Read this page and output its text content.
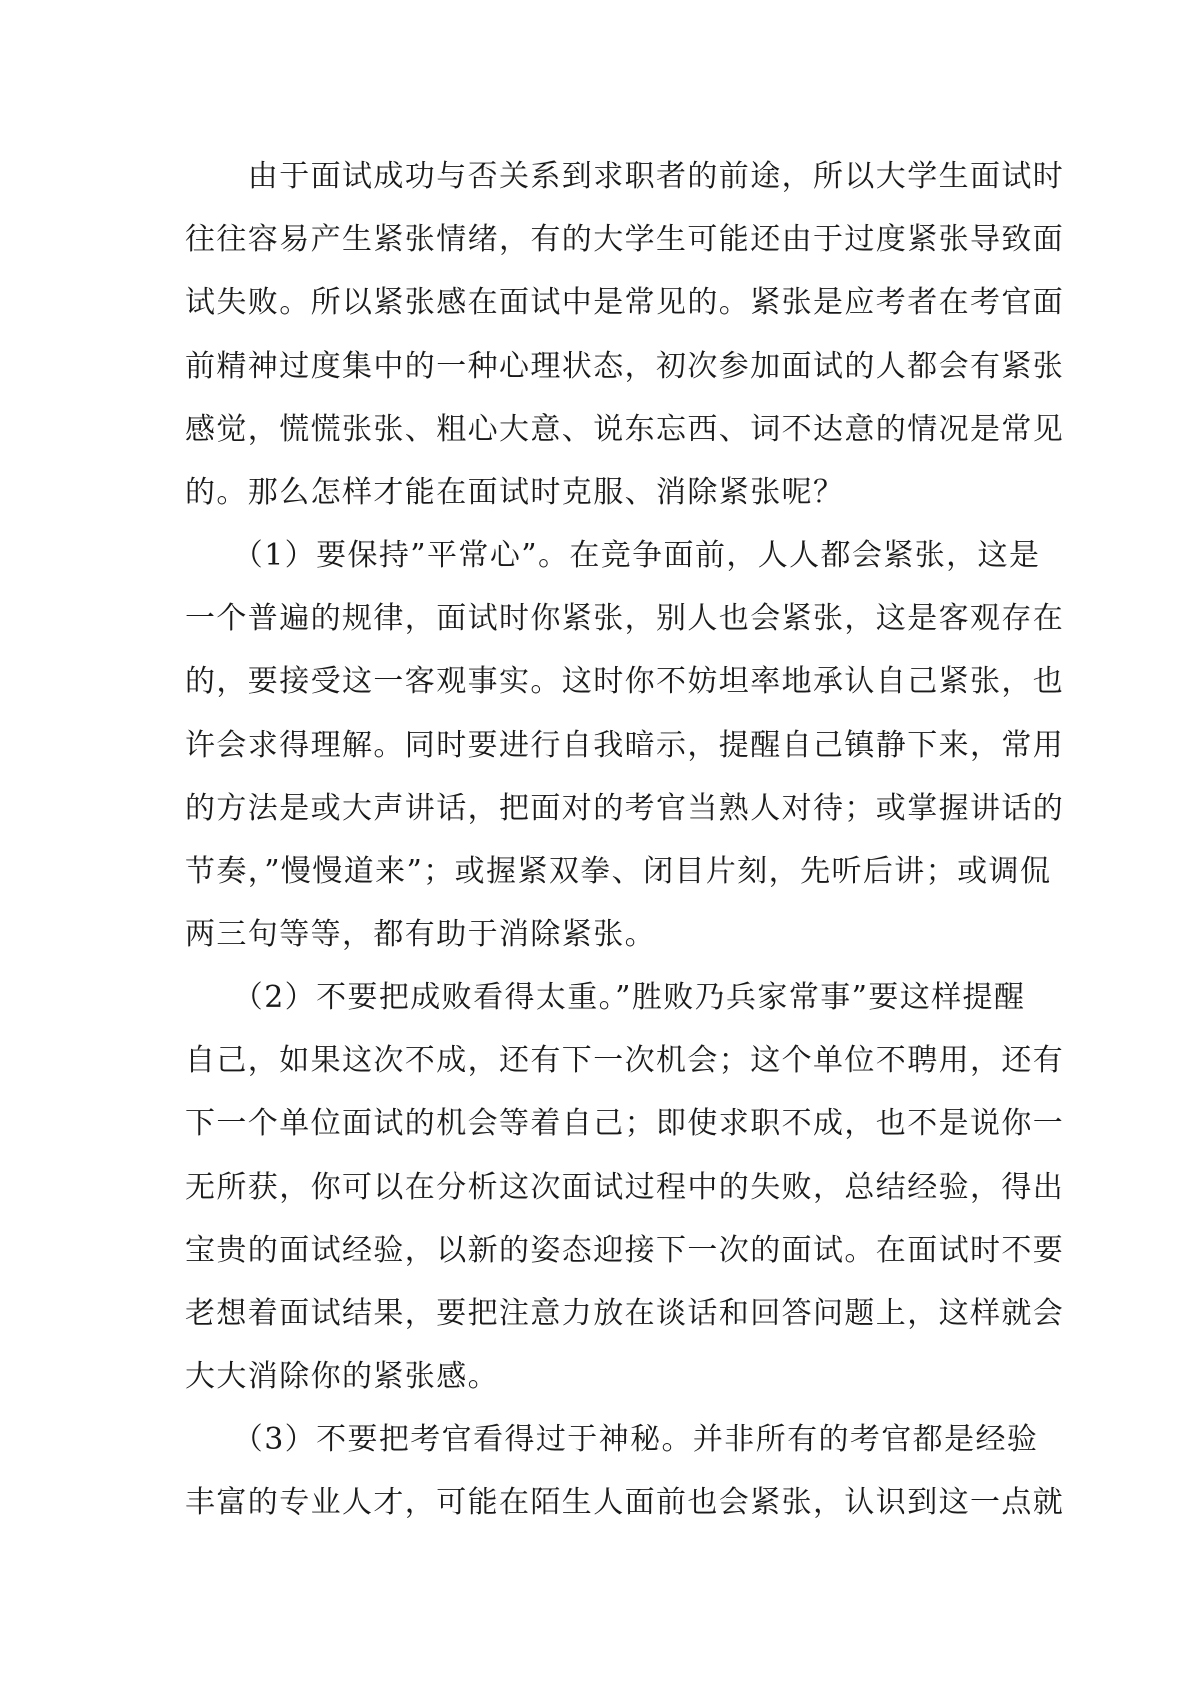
　　由于面试成功与否关系到求职者的前途，所以大学生面试时
往往容易产生紧张情绪，有的大学生可能还由于过度紧张导致面
试失败。所以紧张感在面试中是常见的。紧张是应考者在考官面
前精神过度集中的一种心理状态，初次参加面试的人都会有紧张
感觉，慌慌张张、粗心大意、说东忘西、词不达意的情况是常见
的。那么怎样才能在面试时克服、消除紧张呢？
　　（1）要保持”平常心”。在竞争面前，人人都会紧张，这是
一个普遍的规律，面试时你紧张，别人也会紧张，这是客观存在
的，要接受这一客观事实。这时你不妨坦率地承认自己紧张，也
许会求得理解。同时要进行自我暗示，提醒自己镇静下来，常用
的方法是或大声讲话，把面对的考官当熟人对待；或掌握讲话的
节奏，”慢慢道来”；或握紧双拳、闭目片刻，先听后讲；或调侃
两三句等等，都有助于消除紧张。
　　（2）不要把成败看得太重。”胜败乃兵家常事”要这样提醒
自己，如果这次不成，还有下一次机会；这个单位不聘用，还有
下一个单位面试的机会等着自己；即使求职不成，也不是说你一
无所获，你可以在分析这次面试过程中的失败，总结经验，得出
宝贵的面试经验，以新的姿态迎接下一次的面试。在面试时不要
老想着面试结果，要把注意力放在谈话和回答问题上，这样就会
大大消除你的紧张感。
　　（3）不要把考官看得过于神秘。并非所有的考官都是经验
丰富的专业人才，可能在陌生人面前也会紧张，认识到这一点就
